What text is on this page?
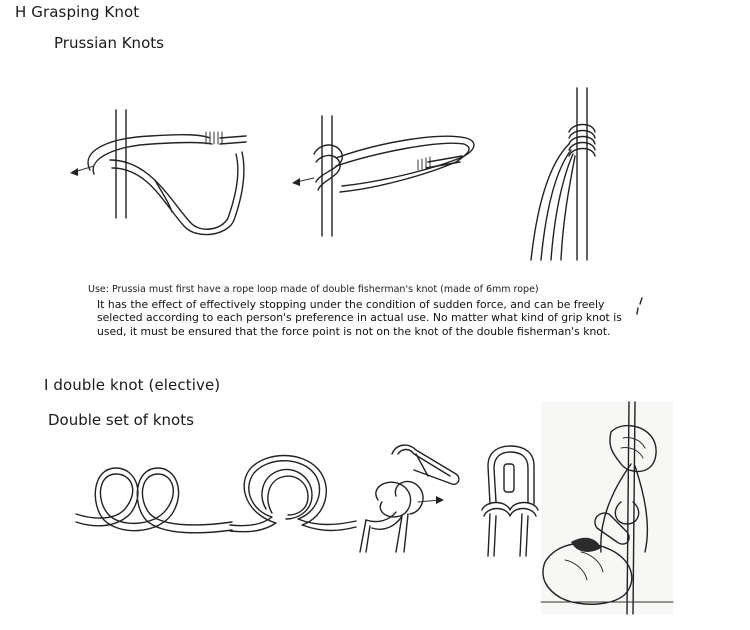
H Grasping Knot
Prussian Knots
Use: Prussia must first have a rope loop made of double fisherman's knot (made of 6mm rope)
It has the effect of effectively stopping under the condition of sudden force, and can be freely
selected according to each person's preference in actual use. No matter what kind of grip knot is
used, it must be ensured that the force point is not on the knot of the double fisherman's knot.
I double knot (elective)
Double set of knots
